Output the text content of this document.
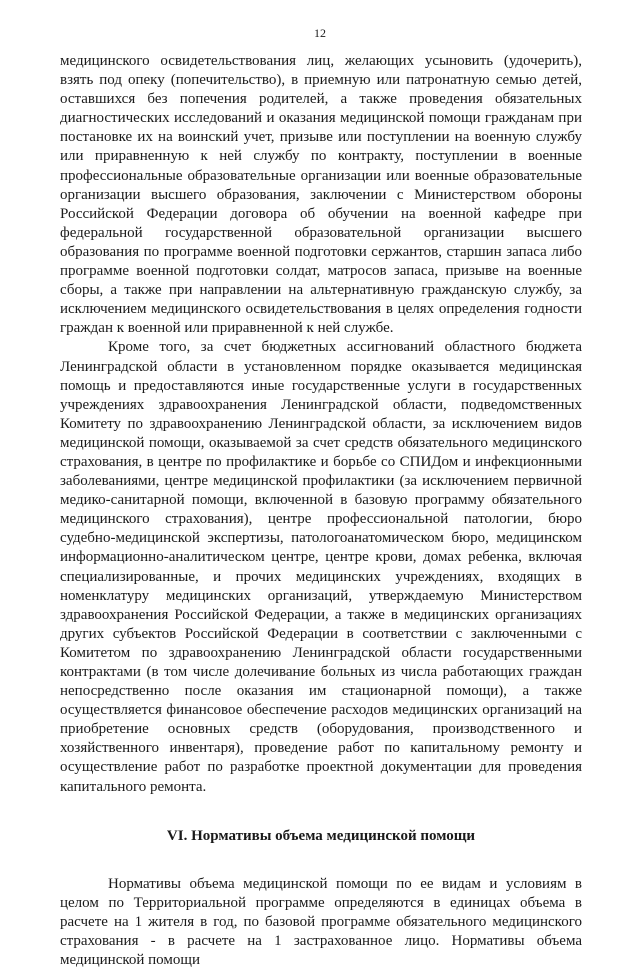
12

медицинского освидетельствования лиц, желающих усыновить (удочерить), взять под опеку (попечительство), в приемную или патронатную семью детей, оставшихся без попечения родителей, а также проведения обязательных диагностических исследований и оказания медицинской помощи гражданам при постановке их на воинский учет, призыве или поступлении на военную службу или приравненную к ней службу по контракту, поступлении в военные профессиональные образовательные организации или военные образовательные организации высшего образования, заключении с Министерством обороны Российской Федерации договора об обучении на военной кафедре при федеральной государственной образовательной организации высшего образования по программе военной подготовки сержантов, старшин запаса либо программе военной подготовки солдат, матросов запаса, призыве на военные сборы, а также при направлении на альтернативную гражданскую службу, за исключением медицинского освидетельствования в целях определения годности граждан к военной или приравненной к ней службе.

Кроме того, за счет бюджетных ассигнований областного бюджета Ленинградской области в установленном порядке оказывается медицинская помощь и предоставляются иные государственные услуги в государственных учреждениях здравоохранения Ленинградской области, подведомственных Комитету по здравоохранению Ленинградской области, за исключением видов медицинской помощи, оказываемой за счет средств обязательного медицинского страхования, в центре по профилактике и борьбе со СПИДом и инфекционными заболеваниями, центре медицинской профилактики (за исключением первичной медико-санитарной помощи, включенной в базовую программу обязательного медицинского страхования), центре профессиональной патологии, бюро судебно-медицинской экспертизы, патологоанатомическом бюро, медицинском информационно-аналитическом центре, центре крови, домах ребенка, включая специализированные, и прочих медицинских учреждениях, входящих в номенклатуру медицинских организаций, утверждаемую Министерством здравоохранения Российской Федерации, а также в медицинских организациях других субъектов Российской Федерации в соответствии с заключенными с Комитетом по здравоохранению Ленинградской области государственными контрактами (в том числе долечивание больных из числа работающих граждан непосредственно после оказания им стационарной помощи), а также осуществляется финансовое обеспечение расходов медицинских организаций на приобретение основных средств (оборудования, производственного и хозяйственного инвентаря), проведение работ по капитальному ремонту и осуществление работ по разработке проектной документации для проведения капитального ремонта.

VI. Нормативы объема медицинской помощи

Нормативы объема медицинской помощи по ее видам и условиям в целом по Территориальной программе определяются в единицах объема в расчете на 1 жителя в год, по базовой программе обязательного медицинского страхования - в расчете на 1 застрахованное лицо. Нормативы объема медицинской помощи
